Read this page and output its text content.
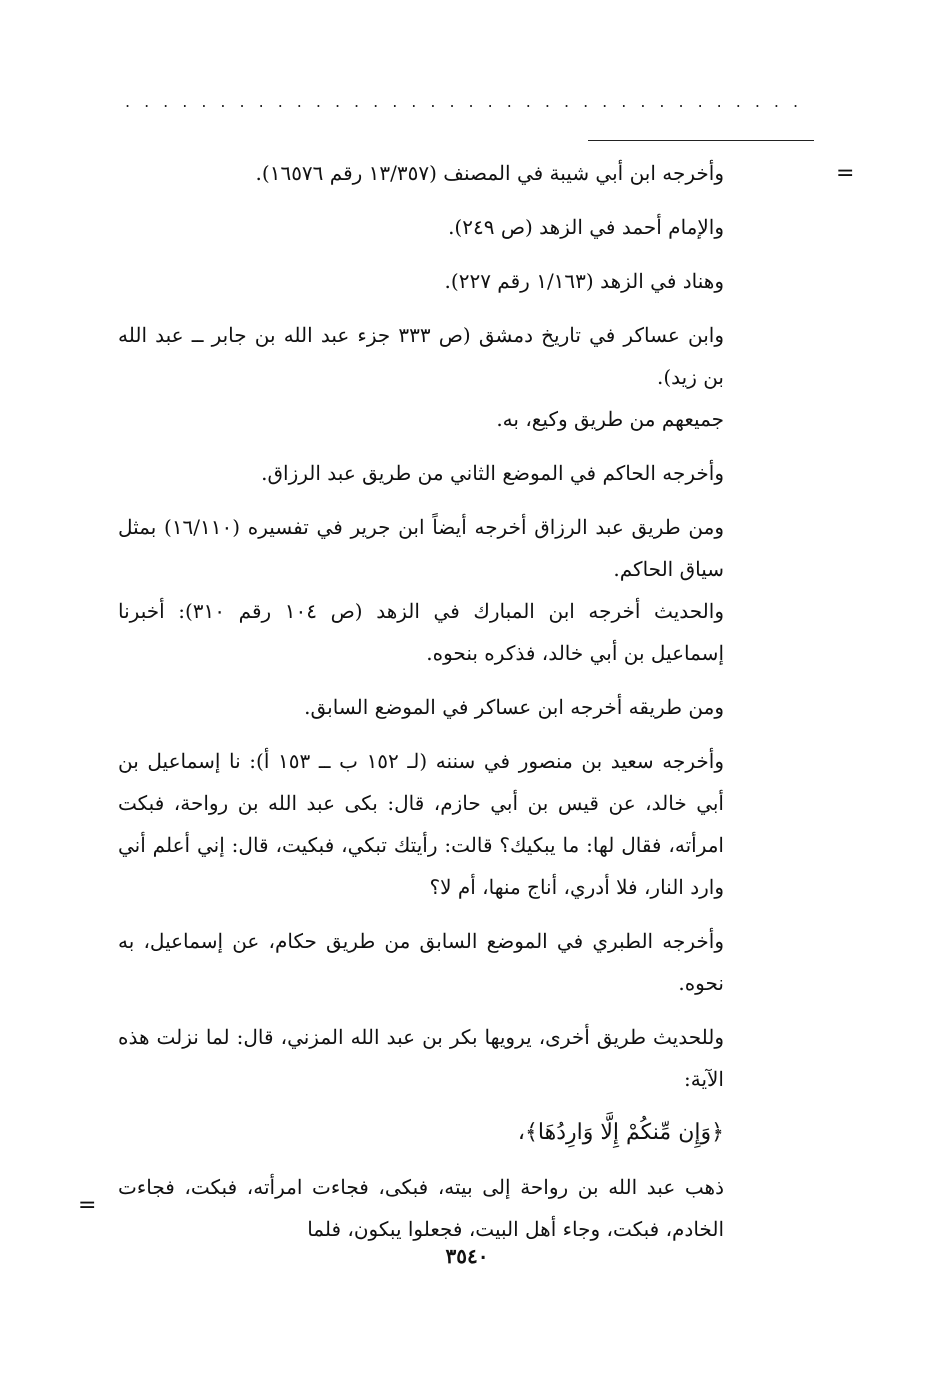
....................................
=

وأخرجه ابن أبي شيبة في المصنف (١٣/٣٥٧ رقم ١٦٥٧٦).

والإمام أحمد في الزهد (ص ٢٤٩).

وهناد في الزهد (١/١٦٣ رقم ٢٢٧).

وابن عساكر في تاريخ دمشق (ص ٣٣٣ جزء عبد الله بن جابر ــ عبد الله بن زيد).

جميعهم من طريق وكيع، به.

وأخرجه الحاكم في الموضع الثاني من طريق عبد الرزاق.

ومن طريق عبد الرزاق أخرجه أيضاً ابن جرير في تفسيره (١٦/١١٠) بمثل سياق الحاكم.

والحديث أخرجه ابن المبارك في الزهد (ص ١٠٤ رقم ٣١٠): أخبرنا إسماعيل بن أبي خالد، فذكره بنحوه.

ومن طريقه أخرجه ابن عساكر في الموضع السابق.

وأخرجه سعيد بن منصور في سننه (لـ ١٥٢ ب ــ ١٥٣ أ): نا إسماعيل بن أبي خالد، عن قيس بن أبي حازم، قال: بكى عبد الله بن رواحة، فبكت امرأته، فقال لها: ما يبكيك؟ قالت: رأيتك تبكي، فبكيت، قال: إني أعلم أني وارد النار، فلا أدري، أناج منها، أم لا؟

وأخرجه الطبري في الموضع السابق من طريق حكام، عن إسماعيل، به نحوه.

وللحديث طريق أخرى، يرويها بكر بن عبد الله المزني، قال: لما نزلت هذه الآية:

﴿وَإِن مِّنكُمْ إِلَّا وَارِدُهَا﴾،

ذهب عبد الله بن رواحة إلى بيته، فبكى، فجاءت امرأته، فبكت، فجاءت الخادم، فبكت، وجاء أهل البيت، فجعلوا يبكون، فلما

=
٣٥٤٠
